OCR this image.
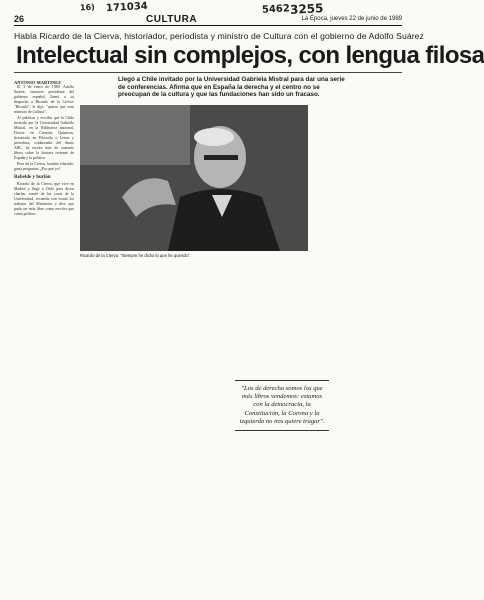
16) 171034	5462 3255
26	CULTURA	La Época, jueves 22 de junio de 1989
Habla Ricardo de la Cierva, historiador, periodista y ministro de Cultura con el gobierno de Adolfo Suárez
Intelectual sin complejos, con lengua filosa
Llegó a Chile invitado por la Universidad Gabriela Mistral para dar una serie de conferencias. Afirma que en España la derecha y el centro no se preocupan de la cultura y que las fundaciones han sido un fracaso.
ANTONIO MARTINEZ

El 3 de enero de 1980, Adolfo Suárez, entonces presidente del gobierno español, llamó a su despacho a Ricardo de la Cierva: "Ricardo", le dijo, "quiero que seas ministro de Cultura".

Al publicar y escribir que la Chile invitado por la Universidad Gabriela Mistral, en la Biblioteca nacional, Doctor en Ciencias Químicas, licenciado en Filosofía y Letras y periodista, colaborador del diario ABC, ha escrito más de cuarenta libros sobre la historia reciente de España y la política.

Pese de la Cierva, hombre educado, gusta preguntar: ¿Por qué yo?

Rebelde y burlón

Ricardo de la Cierva, que vive en Madrid y llegó a Chile para dictar charlas, sonríe de las cosas de la Universidad, recuerda con ironía los trabajos del Ministerio y dice que pudo ser más libre como escritor que como político.

Ricardo de la Cierva: "Siempre he dicho lo que he querido".
"Los de derecha somos los que más libros vendemos: estamos con la democracia, la Constitución, la Corona y la izquierda no nos quiere tragar".
